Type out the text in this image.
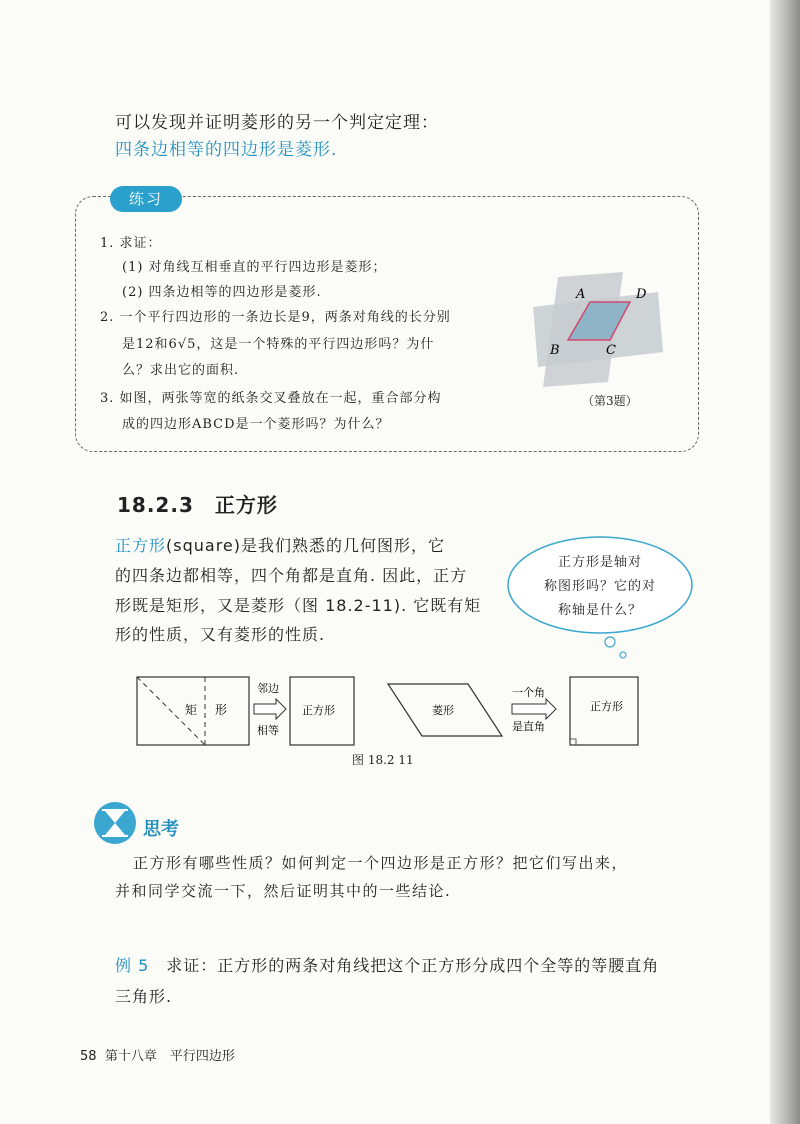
可以发现并证明菱形的另一个判定定理：
四条边相等的四边形是菱形.
练习
1. 求证：
(1) 对角线互相垂直的平行四边形是菱形；
(2) 四条边相等的四边形是菱形.
2. 一个平行四边形的一条边长是9，两条对角线的长分别
是12和6√5，这是一个特殊的平行四边形吗？为什
么？求出它的面积.
3. 如图，两张等宽的纸条交叉叠放在一起，重合部分构
成的四边形ABCD是一个菱形吗？为什么？
A	D
B	C
（第3题）
18.2.3　正方形
正方形(square)是我们熟悉的几何图形，它
的四条边都相等，四个角都是直角. 因此，正方
形既是矩形，又是菱形（图 18.2-11). 它既有矩
形的性质，又有菱形的性质.
正方形是轴对
称图形吗？它的对
称轴是什么？
矩 形
邻边
相等
正方形	菱形
一个角
是直角
正方形
图 18.2 11
思考
正方形有哪些性质？如何判定一个四边形是正方形？把它们写出来，
并和同学交流一下，然后证明其中的一些结论.
例 5　 求证：正方形的两条对角线把这个正方形分成四个全等的等腰直角
三角形.
58 第十八章　平行四边形
